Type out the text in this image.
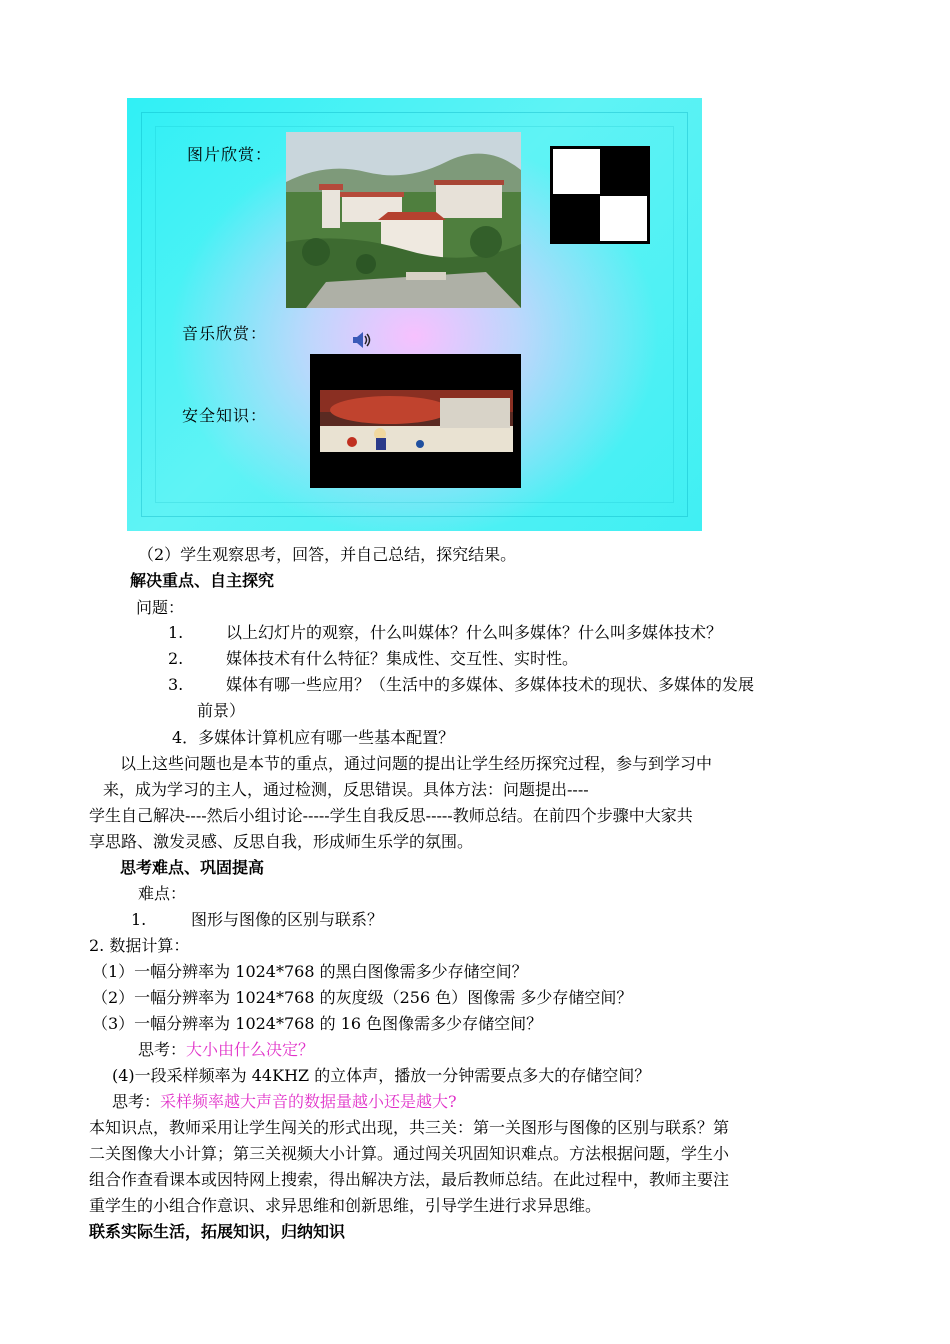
图片欣赏：
音乐欣赏：
安全知识：
（2）学生观察思考，回答，并自己总结，探究结果。
解决重点、自主探究
问题：
1.	以上幻灯片的观察，什么叫媒体？什么叫多媒体？什么叫多媒体技术？
2.	媒体技术有什么特征？集成性、交互性、实时性。
3.	媒体有哪一些应用？（生活中的多媒体、多媒体技术的现状、多媒体的发展
前景）
4．多媒体计算机应有哪一些基本配置？
以上这些问题也是本节的重点，通过问题的提出让学生经历探究过程，参与到学习中
来，成为学习的主人，通过检测，反思错误。具体方法：问题提出----
学生自己解决----然后小组讨论-----学生自我反思-----教师总结。在前四个步骤中大家共
享思路、激发灵感、反思自我，形成师生乐学的氛围。
思考难点、巩固提高
难点：
1.	图形与图像的区别与联系？
2. 数据计算：
（1）一幅分辨率为 1024*768 的黑白图像需多少存储空间？
（2）一幅分辨率为 1024*768 的灰度级（256 色）图像需 多少存储空间？
（3）一幅分辨率为 1024*768 的 16 色图像需多少存储空间？
思考：大小由什么决定？
(4)一段采样频率为 44KHZ 的立体声，播放一分钟需要点多大的存储空间？
思考：采样频率越大声音的数据量越小还是越大?
本知识点，教师采用让学生闯关的形式出现，共三关：第一关图形与图像的区别与联系？第
二关图像大小计算；第三关视频大小计算。通过闯关巩固知识难点。方法根据问题，学生小
组合作查看课本或因特网上搜索，得出解决方法，最后教师总结。在此过程中，教师主要注
重学生的小组合作意识、求异思维和创新思维，引导学生进行求异思维。
联系实际生活，拓展知识，归纳知识
